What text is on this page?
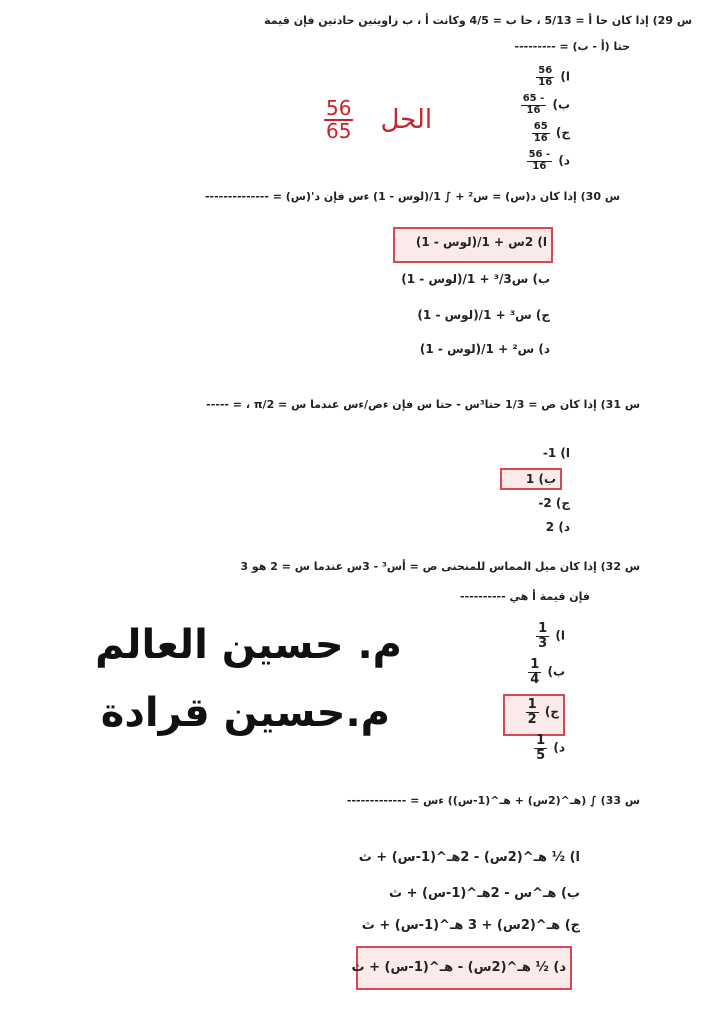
س 29) إذا كان حا أ = 5/13 ، حا ب = 4/5 وكانت أ ، ب زاويتين حادتين فإن قيمة
حتا (أ - ب) = ---------
ا)
$\frac{56}{16}$
ب)
$\frac{- 65}{16}$
ج)
$\frac{65}{16}$
د)
$\frac{- 56}{16}$
$\frac{56}{65}$ الحل
س 30) إذا كان د(س) = س² + ∫ 1/(لوس - 1) ءس فإن د'(س) = --------------
ا) 2س + 1/(لوس - 1)
ب) س³/3 + 1/(لوس - 1)
ج) س³ + 1/(لوس - 1)
د) س² + 1/(لوس - 1)
س 31) إذا كان ص = 1/3 حتا³س - حتا س فإن ءص/ءس عندما س = π/2 ، = -----
ا) 1-
ب) 1
ج) 2-
د) 2
س 32) إذا كان ميل المماس للمنحنى ص = أس³ - 3س عندما س = 2 هو 3
فإن قيمة أ هي ----------
ا)
$\frac{1}{3}$
ب)
$\frac{1}{4}$
ج)
$\frac{1}{2}$
د)
$\frac{1}{5}$
م. حسين العالم
م.حسين قرادة
س 33) ∫ (هـ^(2س) + هـ^(1-س)) ءس = -------------
ا) ½ هـ^(2س) - 2هـ^(1-س) + ث
ب) هـ^س - 2هـ^(1-س) + ث
ج) هـ^(2س) + 3 هـ^(1-س) + ث
د) ½ هـ^(2س) - هـ^(1-س) + ث
